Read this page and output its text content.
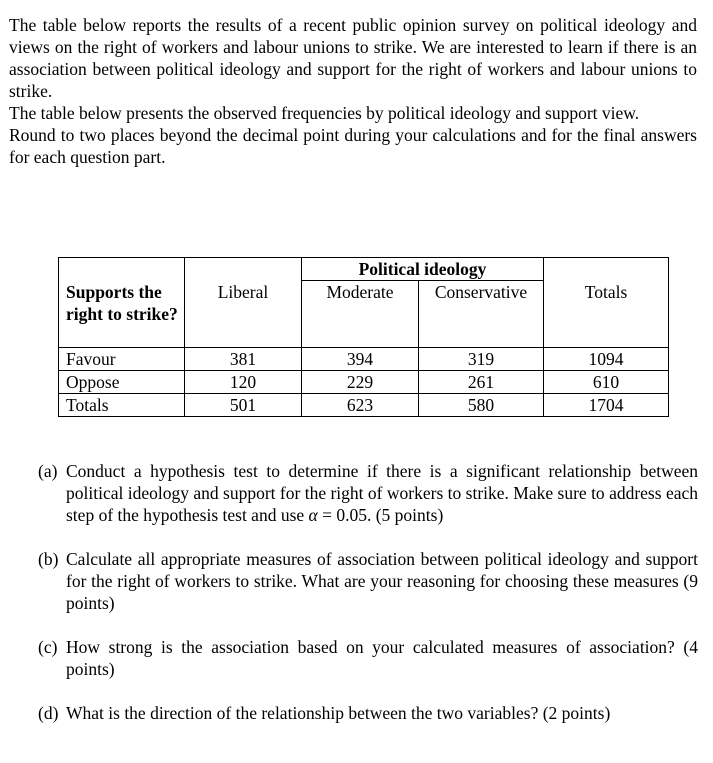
The table below reports the results of a recent public opinion survey on political ideology and views on the right of workers and labour unions to strike. We are interested to learn if there is an association between political ideology and support for the right of workers and labour unions to strike.

The table below presents the observed frequencies by political ideology and support view.

Round to two places beyond the decimal point during your calculations and for the final answers for each question part.

		Political ideology		
Supports the right to strike?	Liberal	Moderate	Conservative	Totals
Favour	381	394	319	1094
Oppose	120	229	261	610
Totals	501	623	580	1704
(a) Conduct a hypothesis test to determine if there is a significant relationship between political ideology and support for the right of workers to strike. Make sure to address each step of the hypothesis test and use α = 0.05. (5 points)
(b) Calculate all appropriate measures of association between political ideology and support for the right of workers to strike. What are your reasoning for choosing these measures (9 points)
(c) How strong is the association based on your calculated measures of association? (4 points)
(d) What is the direction of the relationship between the two variables? (2 points)
